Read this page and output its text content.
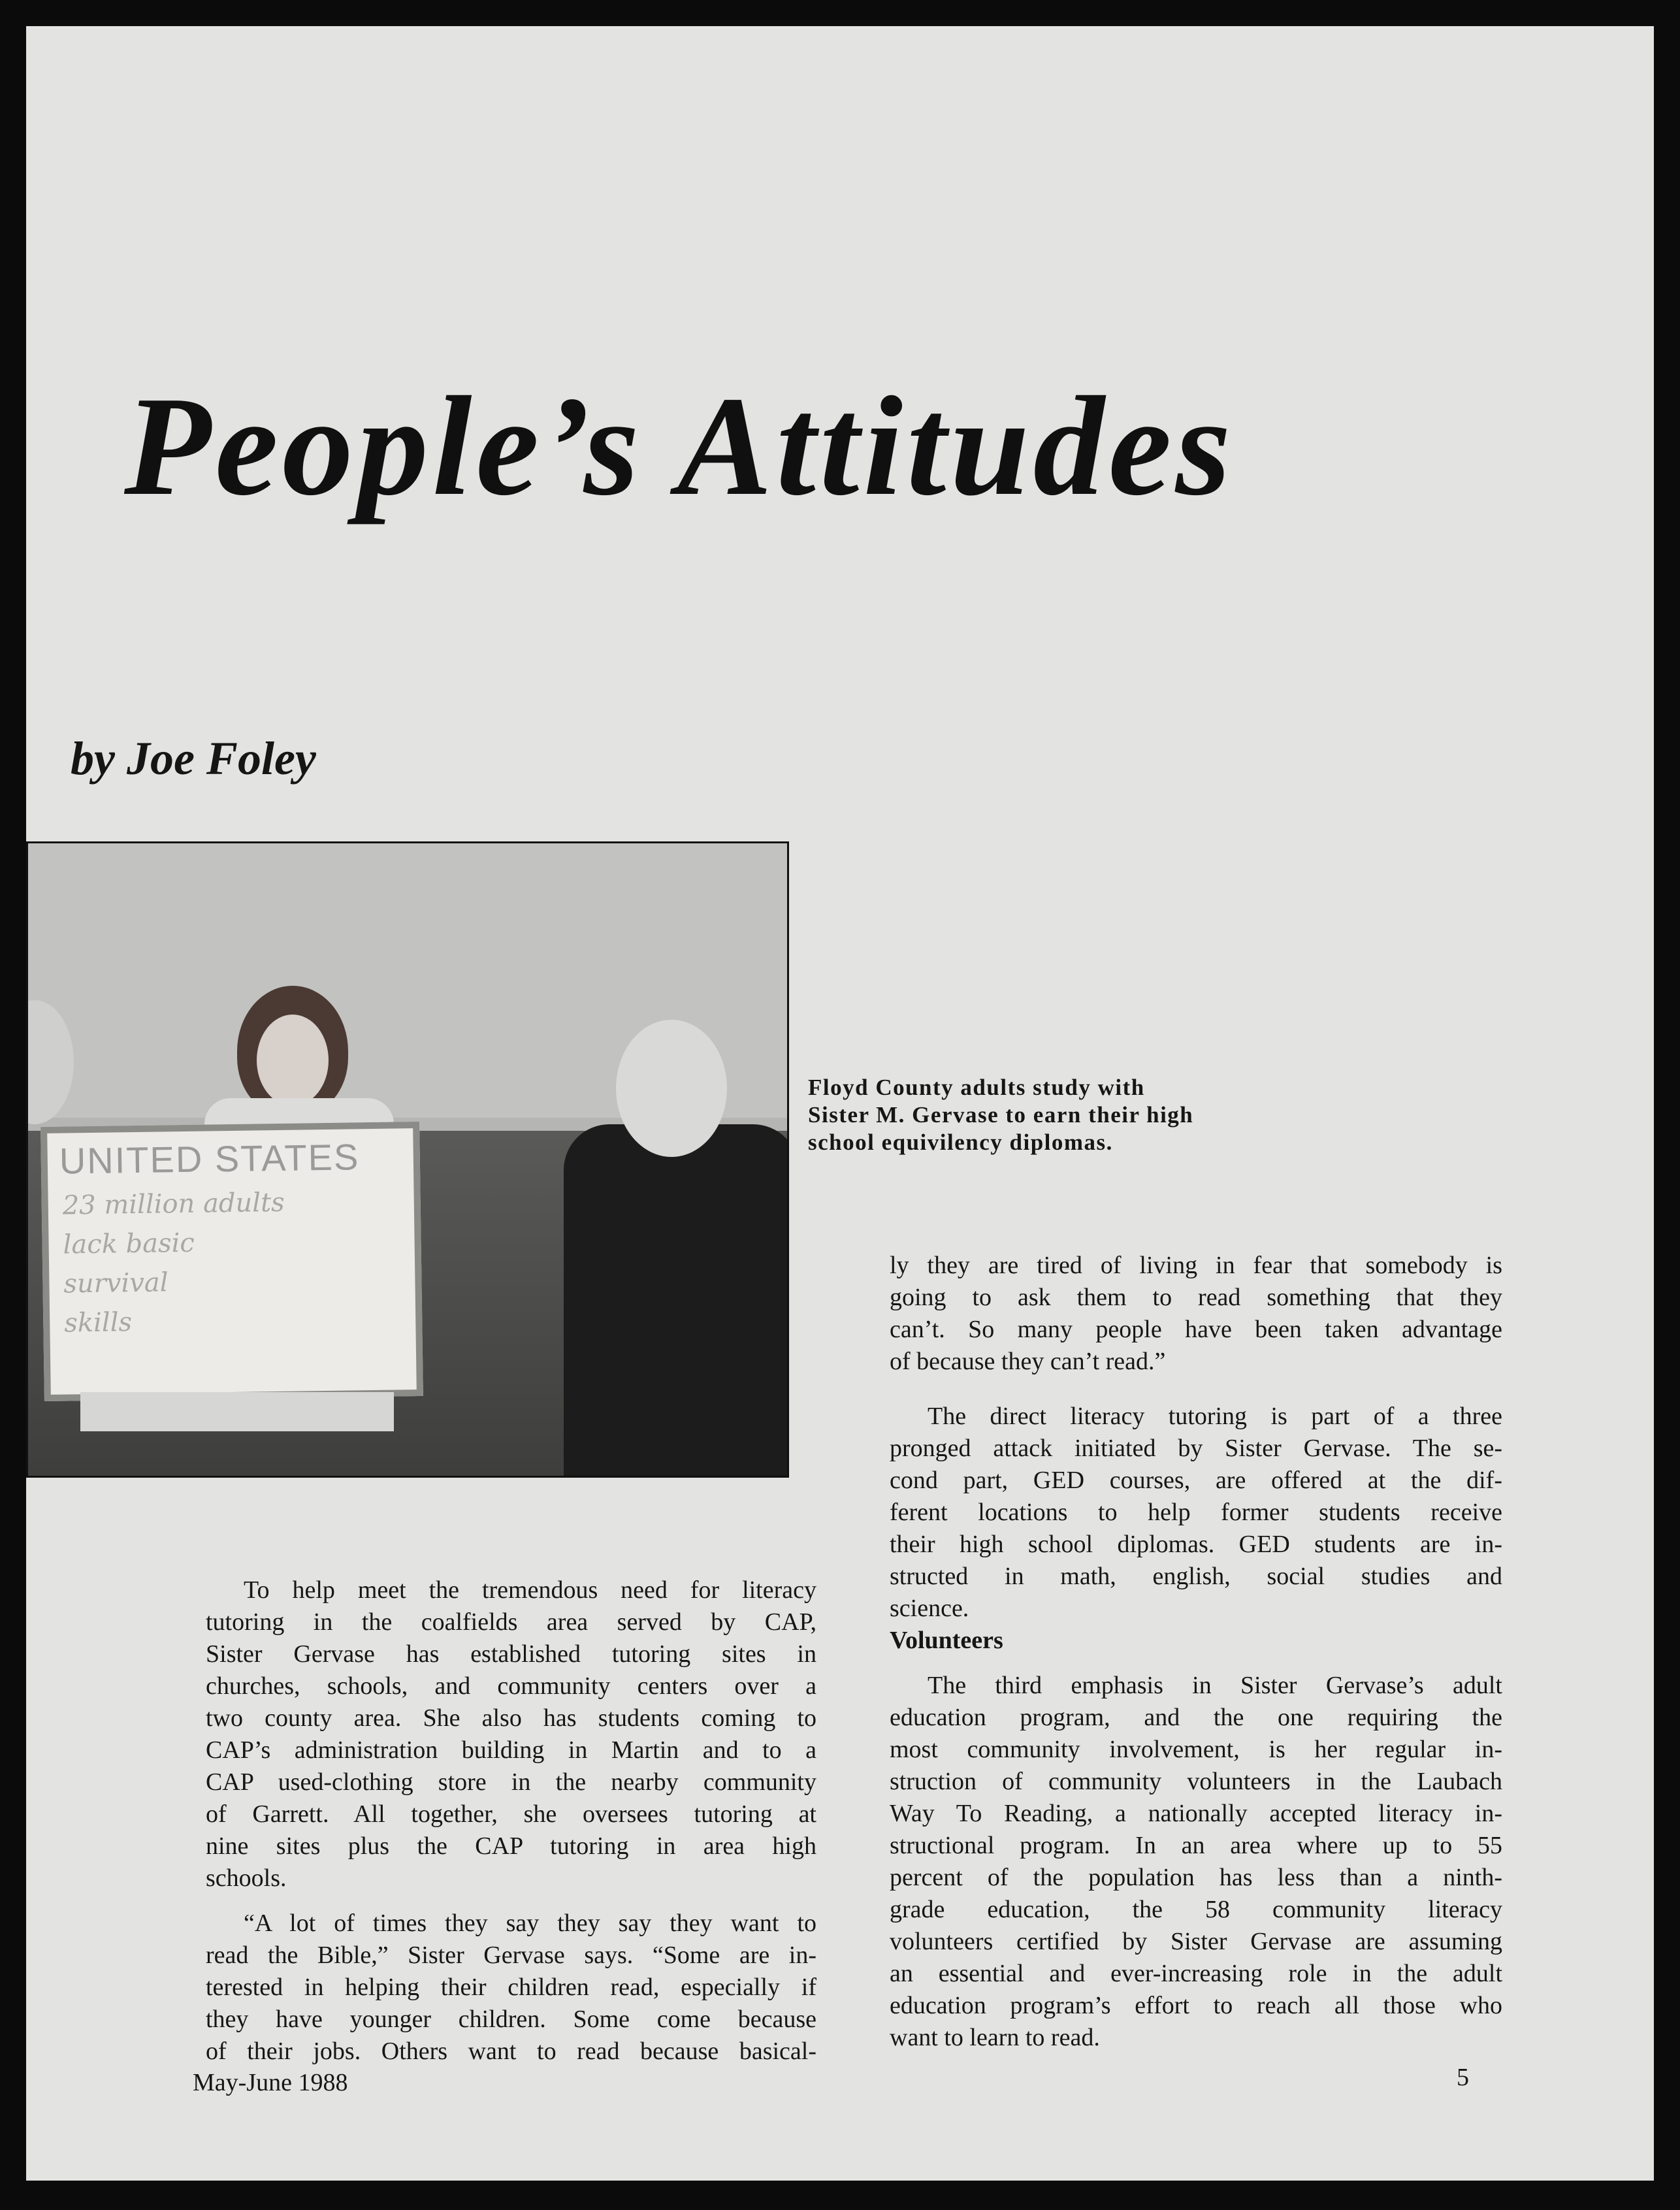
People’s Attitudes

by Joe Foley

UNITED STATES
23 million adults
lack basic
survival
skills

Floyd County adults study with
Sister M. Gervase to earn their high
school equivilency diplomas.

To help meet the tremendous need for literacy
tutoring in the coalfields area served by CAP,
Sister Gervase has established tutoring sites in
churches, schools, and community centers over a
two county area. She also has students coming to
CAP’s administration building in Martin and to a
CAP used-clothing store in the nearby community
of Garrett. All together, she oversees tutoring at
nine sites plus the CAP tutoring in area high
schools.

“A lot of times they say they say they want to
read the Bible,” Sister Gervase says. “Some are in-
terested in helping their children read, especially if
they have younger children. Some come because
of their jobs. Others want to read because basical-

ly they are tired of living in fear that somebody is
going to ask them to read something that they
can’t. So many people have been taken advantage
of because they can’t read.”

The direct literacy tutoring is part of a three
pronged attack initiated by Sister Gervase. The se-
cond part, GED courses, are offered at the dif-
ferent locations to help former students receive
their high school diplomas. GED students are in-
structed in math, english, social studies and
science.

Volunteers

The third emphasis in Sister Gervase’s adult
education program, and the one requiring the
most community involvement, is her regular in-
struction of community volunteers in the Laubach
Way To Reading, a nationally accepted literacy in-
structional program. In an area where up to 55
percent of the population has less than a ninth-
grade education, the 58 community literacy
volunteers certified by Sister Gervase are assuming
an essential and ever-increasing role in the adult
education program’s effort to reach all those who
want to learn to read.

May-June 1988	5
